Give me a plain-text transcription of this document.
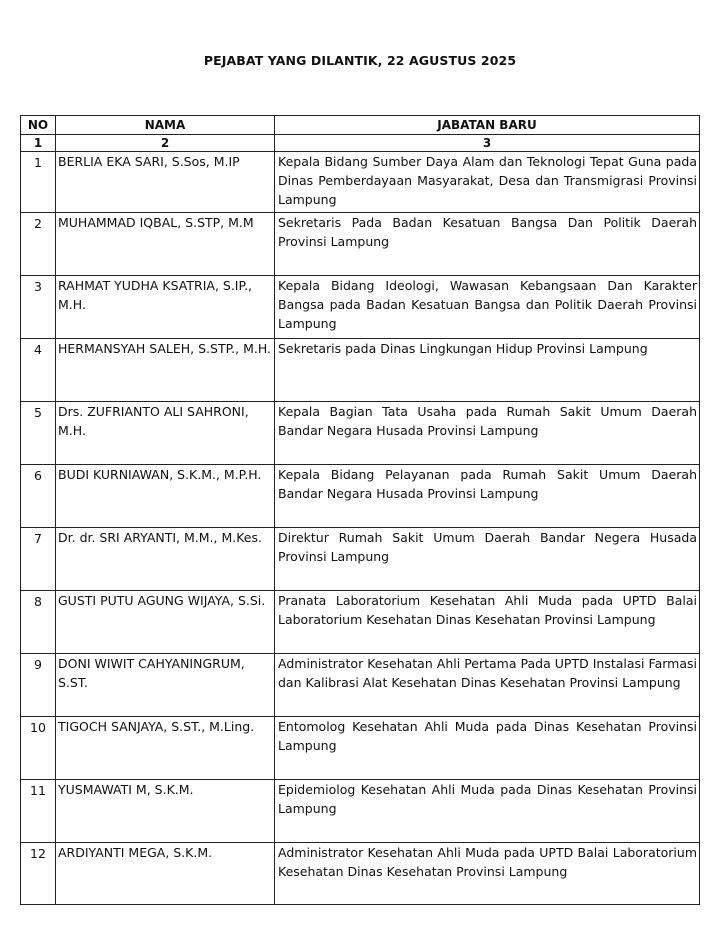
PEJABAT YANG DILANTIK, 22 AGUSTUS 2025
NO	NAMA	JABATAN BARU
1	2	3
1	BERLIA EKA SARI, S.Sos, M.IP	Kepala Bidang Sumber Daya Alam dan Teknologi Tepat Guna pada Dinas Pemberdayaan Masyarakat, Desa dan Transmigrasi Provinsi Lampung
2	MUHAMMAD IQBAL, S.STP, M.M	Sekretaris Pada Badan Kesatuan Bangsa Dan Politik Daerah Provinsi Lampung
3	RAHMAT YUDHA KSATRIA, S.IP., M.H.	Kepala Bidang Ideologi, Wawasan Kebangsaan Dan Karakter Bangsa pada Badan Kesatuan Bangsa dan Politik Daerah Provinsi Lampung
4	HERMANSYAH SALEH, S.STP., M.H.	Sekretaris pada Dinas Lingkungan Hidup Provinsi Lampung
5	Drs. ZUFRIANTO ALI SAHRONI, M.H.	Kepala Bagian Tata Usaha pada Rumah Sakit Umum Daerah Bandar Negara Husada Provinsi Lampung
6	BUDI KURNIAWAN, S.K.M., M.P.H.	Kepala Bidang Pelayanan pada Rumah Sakit Umum Daerah Bandar Negara Husada Provinsi Lampung
7	Dr. dr. SRI ARYANTI, M.M., M.Kes.	Direktur Rumah Sakit Umum Daerah Bandar Negera Husada Provinsi Lampung
8	GUSTI PUTU AGUNG WIJAYA, S.Si.	Pranata Laboratorium Kesehatan Ahli Muda pada UPTD Balai Laboratorium Kesehatan Dinas Kesehatan Provinsi Lampung
9	DONI WIWIT CAHYANINGRUM, S.ST.	Administrator Kesehatan Ahli Pertama Pada UPTD Instalasi Farmasi dan Kalibrasi Alat Kesehatan Dinas Kesehatan Provinsi Lampung
10	TIGOCH SANJAYA, S.ST., M.Ling.	Entomolog Kesehatan Ahli Muda pada Dinas Kesehatan Provinsi Lampung
11	YUSMAWATI M, S.K.M.	Epidemiolog Kesehatan Ahli Muda pada Dinas Kesehatan Provinsi Lampung
12	ARDIYANTI MEGA, S.K.M.	Administrator Kesehatan Ahli Muda pada UPTD Balai Laboratorium Kesehatan Dinas Kesehatan Provinsi Lampung
